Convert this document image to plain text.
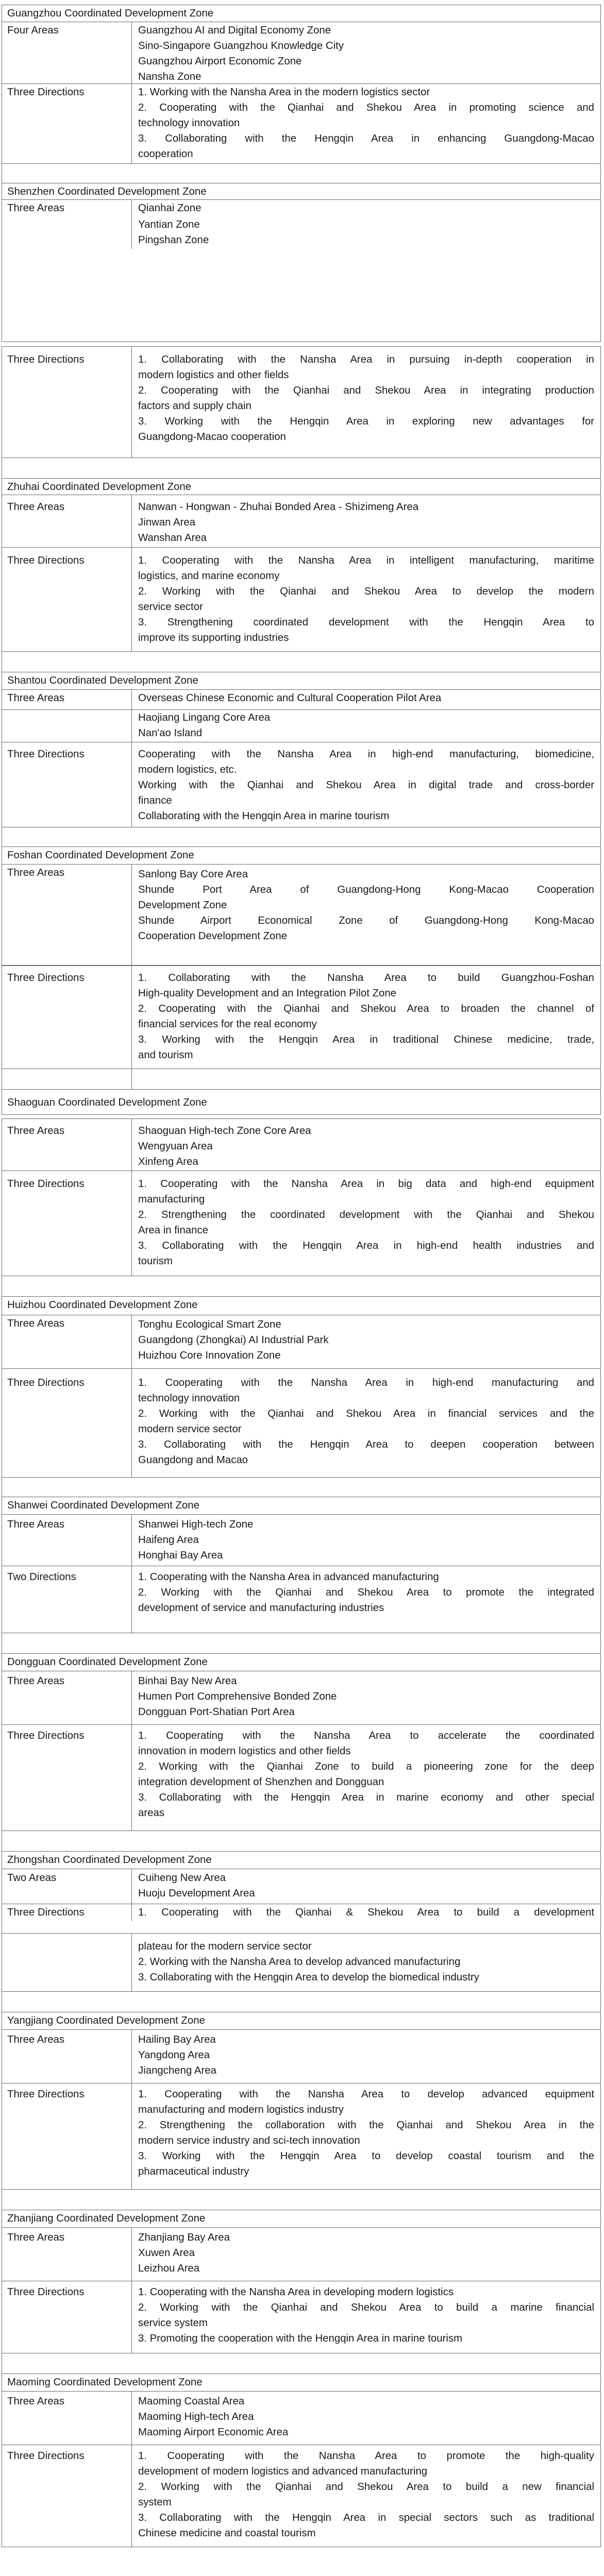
Guangzhou Coordinated Development Zone
Four Areas	Guangzhou AI and Digital Economy Zone
Sino-Singapore Guangzhou Knowledge City
Guangzhou Airport Economic Zone
Nansha Zone
Three Directions	1. Working with the Nansha Area in the modern logistics sector
2. Cooperating with the Qianhai and Shekou Area in promoting science and
technology innovation
3. Collaborating with the Hengqin Area in enhancing Guangdong-Macao
cooperation
Shenzhen Coordinated Development Zone
Three Areas	Qianhai Zone
Yantian Zone
Pingshan Zone
Three Directions	1. Collaborating with the Nansha Area in pursuing in-depth cooperation in
modern logistics and other fields
2. Cooperating with the Qianhai and Shekou Area in integrating production
factors and supply chain
3. Working with the Hengqin Area in exploring new advantages for
Guangdong-Macao cooperation
Zhuhai Coordinated Development Zone
Three Areas	Nanwan - Hongwan - Zhuhai Bonded Area - Shizimeng Area
Jinwan Area
Wanshan Area
Three Directions	1. Cooperating with the Nansha Area in intelligent manufacturing, maritime
logistics, and marine economy
2. Working with the Qianhai and Shekou Area to develop the modern
service sector
3. Strengthening coordinated development with the Hengqin Area to
improve its supporting industries
Shantou Coordinated Development Zone
Three Areas	Overseas Chinese Economic and Cultural Cooperation Pilot Area
Haojiang Lingang Core Area
Nan'ao Island
Three Directions	Cooperating with the Nansha Area in high-end manufacturing, biomedicine,
modern logistics, etc.
Working with the Qianhai and Shekou Area in digital trade and cross-border
finance
Collaborating with the Hengqin Area in marine tourism
Foshan Coordinated Development Zone
Three Areas	Sanlong Bay Core Area
Shunde Port Area of Guangdong-Hong Kong-Macao Cooperation
Development Zone
Shunde Airport Economical Zone of Guangdong-Hong Kong-Macao
Cooperation Development Zone
Three Directions	1. Collaborating with the Nansha Area to build Guangzhou-Foshan
High-quality Development and an Integration Pilot Zone
2. Cooperating with the Qianhai and Shekou Area to broaden the channel of
financial services for the real economy
3. Working with the Hengqin Area in traditional Chinese medicine, trade,
and tourism
Shaoguan Coordinated Development Zone
Three Areas	Shaoguan High-tech Zone Core Area
Wengyuan Area
Xinfeng Area
Three Directions	1. Cooperating with the Nansha Area in big data and high-end equipment
manufacturing
2. Strengthening the coordinated development with the Qianhai and Shekou
Area in finance
3. Collaborating with the Hengqin Area in high-end health industries and
tourism
Huizhou Coordinated Development Zone
Three Areas	Tonghu Ecological Smart Zone
Guangdong (Zhongkai) AI Industrial Park
Huizhou Core Innovation Zone
Three Directions	1. Cooperating with the Nansha Area in high-end manufacturing and
technology innovation
2. Working with the Qianhai and Shekou Area in financial services and the
modern service sector
3. Collaborating with the Hengqin Area to deepen cooperation between
Guangdong and Macao
Shanwei Coordinated Development Zone
Three Areas	Shanwei High-tech Zone
Haifeng Area
Honghai Bay Area
Two Directions	1. Cooperating with the Nansha Area in advanced manufacturing
2. Working with the Qianhai and Shekou Area to promote the integrated
development of service and manufacturing industries
Dongguan Coordinated Development Zone
Three Areas	Binhai Bay New Area
Humen Port Comprehensive Bonded Zone
Dongguan Port-Shatian Port Area
Three Directions	1. Cooperating with the Nansha Area to accelerate the coordinated
innovation in modern logistics and other fields
2. Working with the Qianhai Zone to build a pioneering zone for the deep
integration development of Shenzhen and Dongguan
3. Collaborating with the Hengqin Area in marine economy and other special
areas
Zhongshan Coordinated Development Zone
Two Areas	Cuiheng New Area
Huoju Development Area
Three Directions	1. Cooperating with the Qianhai & Shekou Area to build a development
plateau for the modern service sector
2. Working with the Nansha Area to develop advanced manufacturing
3. Collaborating with the Hengqin Area to develop the biomedical industry
Yangjiang Coordinated Development Zone
Three Areas	Hailing Bay Area
Yangdong Area
Jiangcheng Area
Three Directions	1. Cooperating with the Nansha Area to develop advanced equipment
manufacturing and modern logistics industry
2. Strengthening the collaboration with the Qianhai and Shekou Area in the
modern service industry and sci-tech innovation
3. Working with the Hengqin Area to develop coastal tourism and the
pharmaceutical industry
Zhanjiang Coordinated Development Zone
Three Areas	Zhanjiang Bay Area
Xuwen Area
Leizhou Area
Three Directions	1. Cooperating with the Nansha Area in developing modern logistics
2. Working with the Qianhai and Shekou Area to build a marine financial
service system
3. Promoting the cooperation with the Hengqin Area in marine tourism
Maoming Coordinated Development Zone
Three Areas	Maoming Coastal Area
Maoming High-tech Area
Maoming Airport Economic Area
Three Directions	1. Cooperating with the Nansha Area to promote the high-quality
development of modern logistics and advanced manufacturing
2. Working with the Qianhai and Shekou Area to build a new financial
system
3. Collaborating with the Hengqin Area in special sectors such as traditional
Chinese medicine and coastal tourism
